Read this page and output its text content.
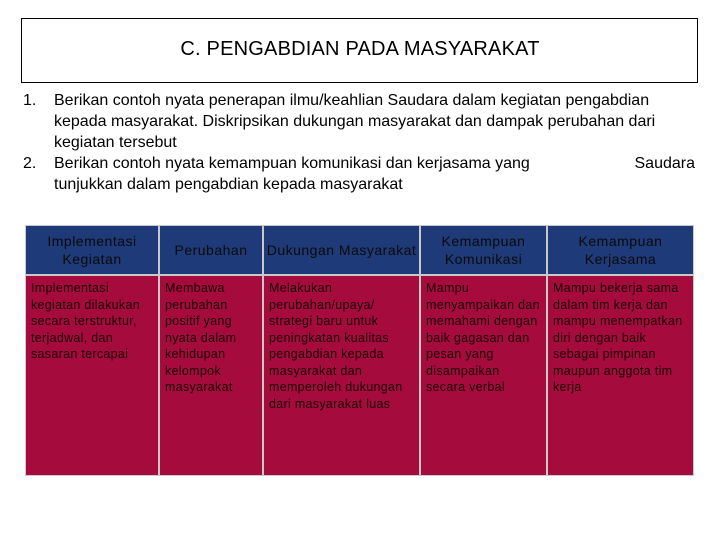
C. PENGABDIAN PADA MASYARAKAT
1. Berikan contoh nyata penerapan ilmu/keahlian Saudara dalam kegiatan pengabdian kepada masyarakat. Diskripsikan dukungan masyarakat dan dampak perubahan dari kegiatan tersebut
2. Berikan contoh nyata kemampuan komunikasi dan kerjasama yang	Saudara
tunjukkan dalam pengabdian kepada masyarakat
Implementasi Kegiatan
Perubahan Dukungan Masyarakat
Kemampuan Komunikasi
Kemampuan Kerjasama
Implementasi kegiatan dilakukan secara terstruktur, terjadwal, dan sasaran tercapai
Membawa perubahan positif yang nyata dalam kehidupan kelompok masyarakat
Melakukan perubahan/upaya/ strategi baru untuk peningkatan kualitas pengabdian kepada masyarakat dan memperoleh dukungan dari masyarakat luas
Mampu menyampaikan dan memahami dengan baik gagasan dan pesan yang disampaikan secara verbal
Mampu bekerja sama dalam tim kerja dan mampu menempatkan diri dengan baik sebagai pimpinan maupun anggota tim kerja
